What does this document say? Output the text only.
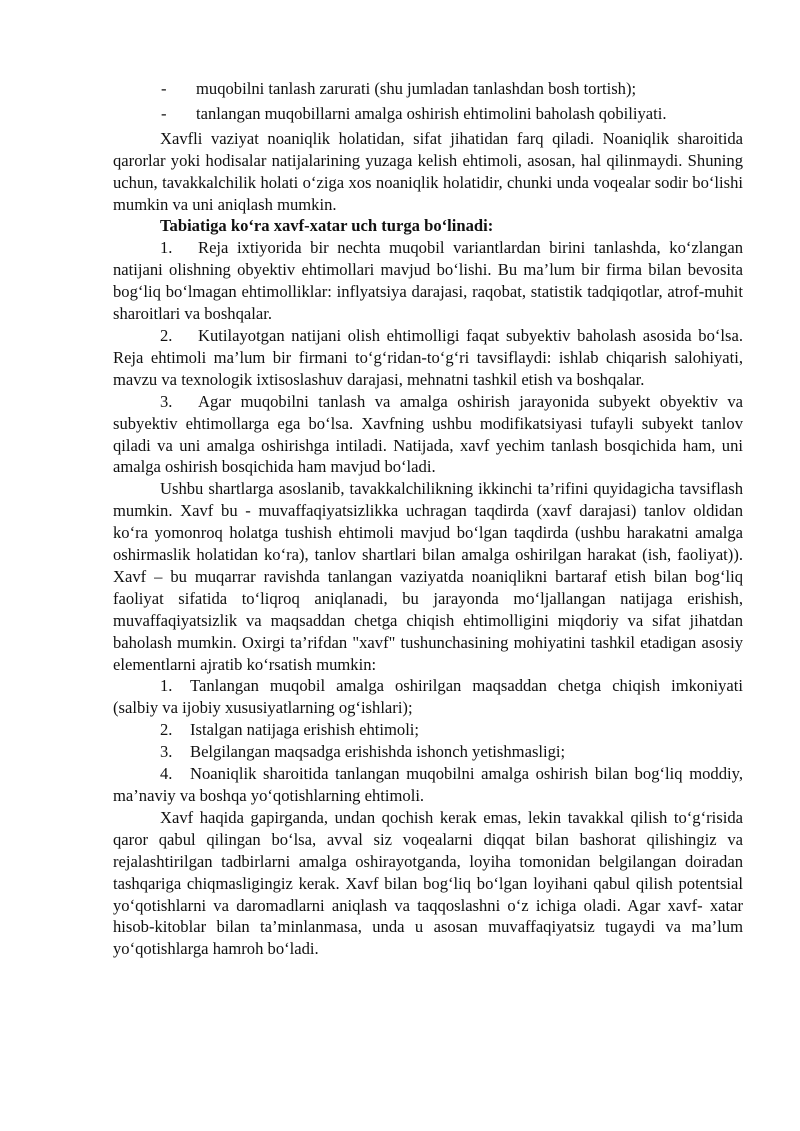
-	muqobilni tanlash zarurati (shu jumladan tanlashdan bosh tortish);
-	tanlangan muqobillarni amalga oshirish ehtimolini baholash qobiliyati.

Xavfli vaziyat noaniqlik holatidan, sifat jihatidan farq qiladi. Noaniqlik sharoitida qarorlar yoki hodisalar natijalarining yuzaga kelish ehtimoli, asosan, hal qilinmaydi. Shuning uchun, tavakkalchilik holati o‘ziga xos noaniqlik holatidir, chunki unda voqealar sodir bo‘lishi mumkin va uni aniqlash mumkin.

Tabiatiga ko‘ra xavf-xatar uch turga bo‘linadi:

1. Reja ixtiyorida bir nechta muqobil variantlardan birini tanlashda, ko‘zlangan natijani olishning obyektiv ehtimollari mavjud bo‘lishi. Bu ma’lum bir firma bilan bevosita bog‘liq bo‘lmagan ehtimolliklar: inflyatsiya darajasi, raqobat, statistik tadqiqotlar, atrof-muhit sharoitlari va boshqalar.

2. Kutilayotgan natijani olish ehtimolligi faqat subyektiv baholash asosida bo‘lsa. Reja ehtimoli ma’lum bir firmani to‘g‘ridan-to‘g‘ri tavsiflaydi: ishlab chiqarish salohiyati, mavzu va texnologik ixtisoslashuv darajasi, mehnatni tashkil etish va boshqalar.

3. Agar muqobilni tanlash va amalga oshirish jarayonida subyekt obyektiv va subyektiv ehtimollarga ega bo‘lsa. Xavfning ushbu modifikatsiyasi tufayli subyekt tanlov qiladi va uni amalga oshirishga intiladi. Natijada, xavf yechim tanlash bosqichida ham, uni amalga oshirish bosqichida ham mavjud bo‘ladi.

Ushbu shartlarga asoslanib, tavakkalchilikning ikkinchi ta’rifini quyidagicha tavsiflash mumkin. Xavf bu - muvaffaqiyatsizlikka uchragan taqdirda (xavf darajasi) tanlov oldidan ko‘ra yomonroq holatga tushish ehtimoli mavjud bo‘lgan taqdirda (ushbu harakatni amalga oshirmaslik holatidan ko‘ra), tanlov shartlari bilan amalga oshirilgan harakat (ish, faoliyat)). Xavf – bu muqarrar ravishda tanlangan vaziyatda noaniqlikni bartaraf etish bilan bog‘liq faoliyat sifatida to‘liqroq aniqlanadi, bu jarayonda mo‘ljallangan natijaga erishish, muvaffaqiyatsizlik va maqsaddan chetga chiqish ehtimolligini miqdoriy va sifat jihatdan baholash mumkin. Oxirgi ta’rifdan "xavf" tushunchasining mohiyatini tashkil etadigan asosiy elementlarni ajratib ko‘rsatish mumkin:

1. Tanlangan muqobil amalga oshirilgan maqsaddan chetga chiqish imkoniyati (salbiy va ijobiy xususiyatlarning og‘ishlari);

2. Istalgan natijaga erishish ehtimoli;

3. Belgilangan maqsadga erishishda ishonch yetishmasligi;

4. Noaniqlik sharoitida tanlangan muqobilni amalga oshirish bilan bog‘liq moddiy, ma’naviy va boshqa yo‘qotishlarning ehtimoli.

Xavf haqida gapirganda, undan qochish kerak emas, lekin tavakkal qilish to‘g‘risida qaror qabul qilingan bo‘lsa, avval siz voqealarni diqqat bilan bashorat qilishingiz va rejalashtirilgan tadbirlarni amalga oshirayotganda, loyiha tomonidan belgilangan doiradan tashqariga chiqmasligingiz kerak. Xavf bilan bog‘liq bo‘lgan loyihani qabul qilish potentsial yo‘qotishlarni va daromadlarni aniqlash va taqqoslashni o‘z ichiga oladi. Agar xavf- xatar hisob-kitoblar bilan ta’minlanmasa, unda u asosan muvaffaqiyatsiz tugaydi va ma’lum yo‘qotishlarga hamroh bo‘ladi.
